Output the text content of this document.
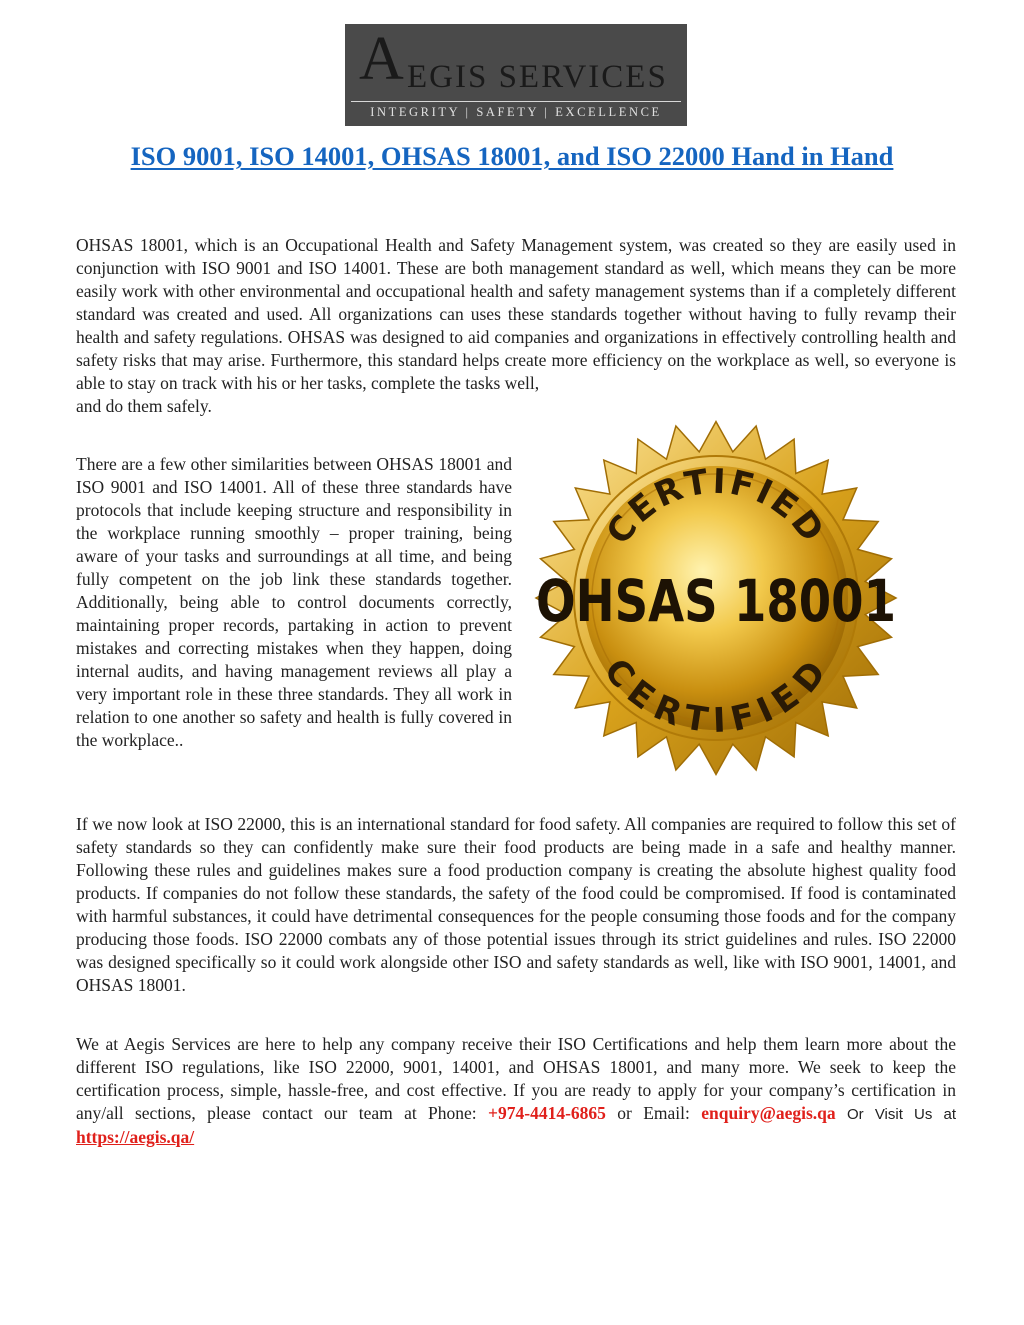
A EGIS SERVICES
INTEGRITY | SAFETY | EXCELLENCE
ISO 9001, ISO 14001, OHSAS 18001, and ISO 22000 Hand in Hand

OHSAS 18001, which is an Occupational Health and Safety Management system, was created so they are easily used in conjunction with ISO 9001 and ISO 14001. These are both management standard as well, which means they can be more easily work with other environmental and occupational health and safety management systems than if a completely different standard was created and used. All organizations can uses these standards together without having to fully revamp their health and safety regulations. OHSAS was designed to aid companies and organizations in effectively controlling health and safety risks that may arise. Furthermore, this standard helps create more efficiency on the workplace as well, so everyone is able to stay on track with his or her tasks, complete the tasks well,
and do them safely.

There are a few other similarities between OHSAS 18001 and ISO 9001 and ISO 14001. All of these three standards have protocols that include keeping structure and responsibility in the workplace running smoothly – proper training, being aware of your tasks and surroundings at all time, and being fully competent on the job link these standards together. Additionally, being able to control documents correctly, maintaining proper records, partaking in action to prevent mistakes and correcting mistakes when they happen, doing internal audits, and having management reviews all play a very important role in these three standards. They all work in relation to one another so safety and health is fully covered in the workplace..

CERTIFIED
OHSAS 18001
CERTIFIED

If we now look at ISO 22000, this is an international standard for food safety. All companies are required to follow this set of safety standards so they can confidently make sure their food products are being made in a safe and healthy manner. Following these rules and guidelines makes sure a food production company is creating the absolute highest quality food products. If companies do not follow these standards, the safety of the food could be compromised. If food is contaminated with harmful substances, it could have detrimental consequences for the people consuming those foods and for the company producing those foods. ISO 22000 combats any of those potential issues through its strict guidelines and rules. ISO 22000 was designed specifically so it could work alongside other ISO and safety standards as well, like with ISO 9001, 14001, and OHSAS 18001.

We at Aegis Services are here to help any company receive their ISO Certifications and help them learn more about the different ISO regulations, like ISO 22000, 9001, 14001, and OHSAS 18001, and many more. We seek to keep the certification process, simple, hassle-free, and cost effective. If you are ready to apply for your company’s certification in any/all sections, please contact our team at Phone: +974-4414-6865 or Email: enquiry@aegis.qa Or Visit Us at https://aegis.qa/
